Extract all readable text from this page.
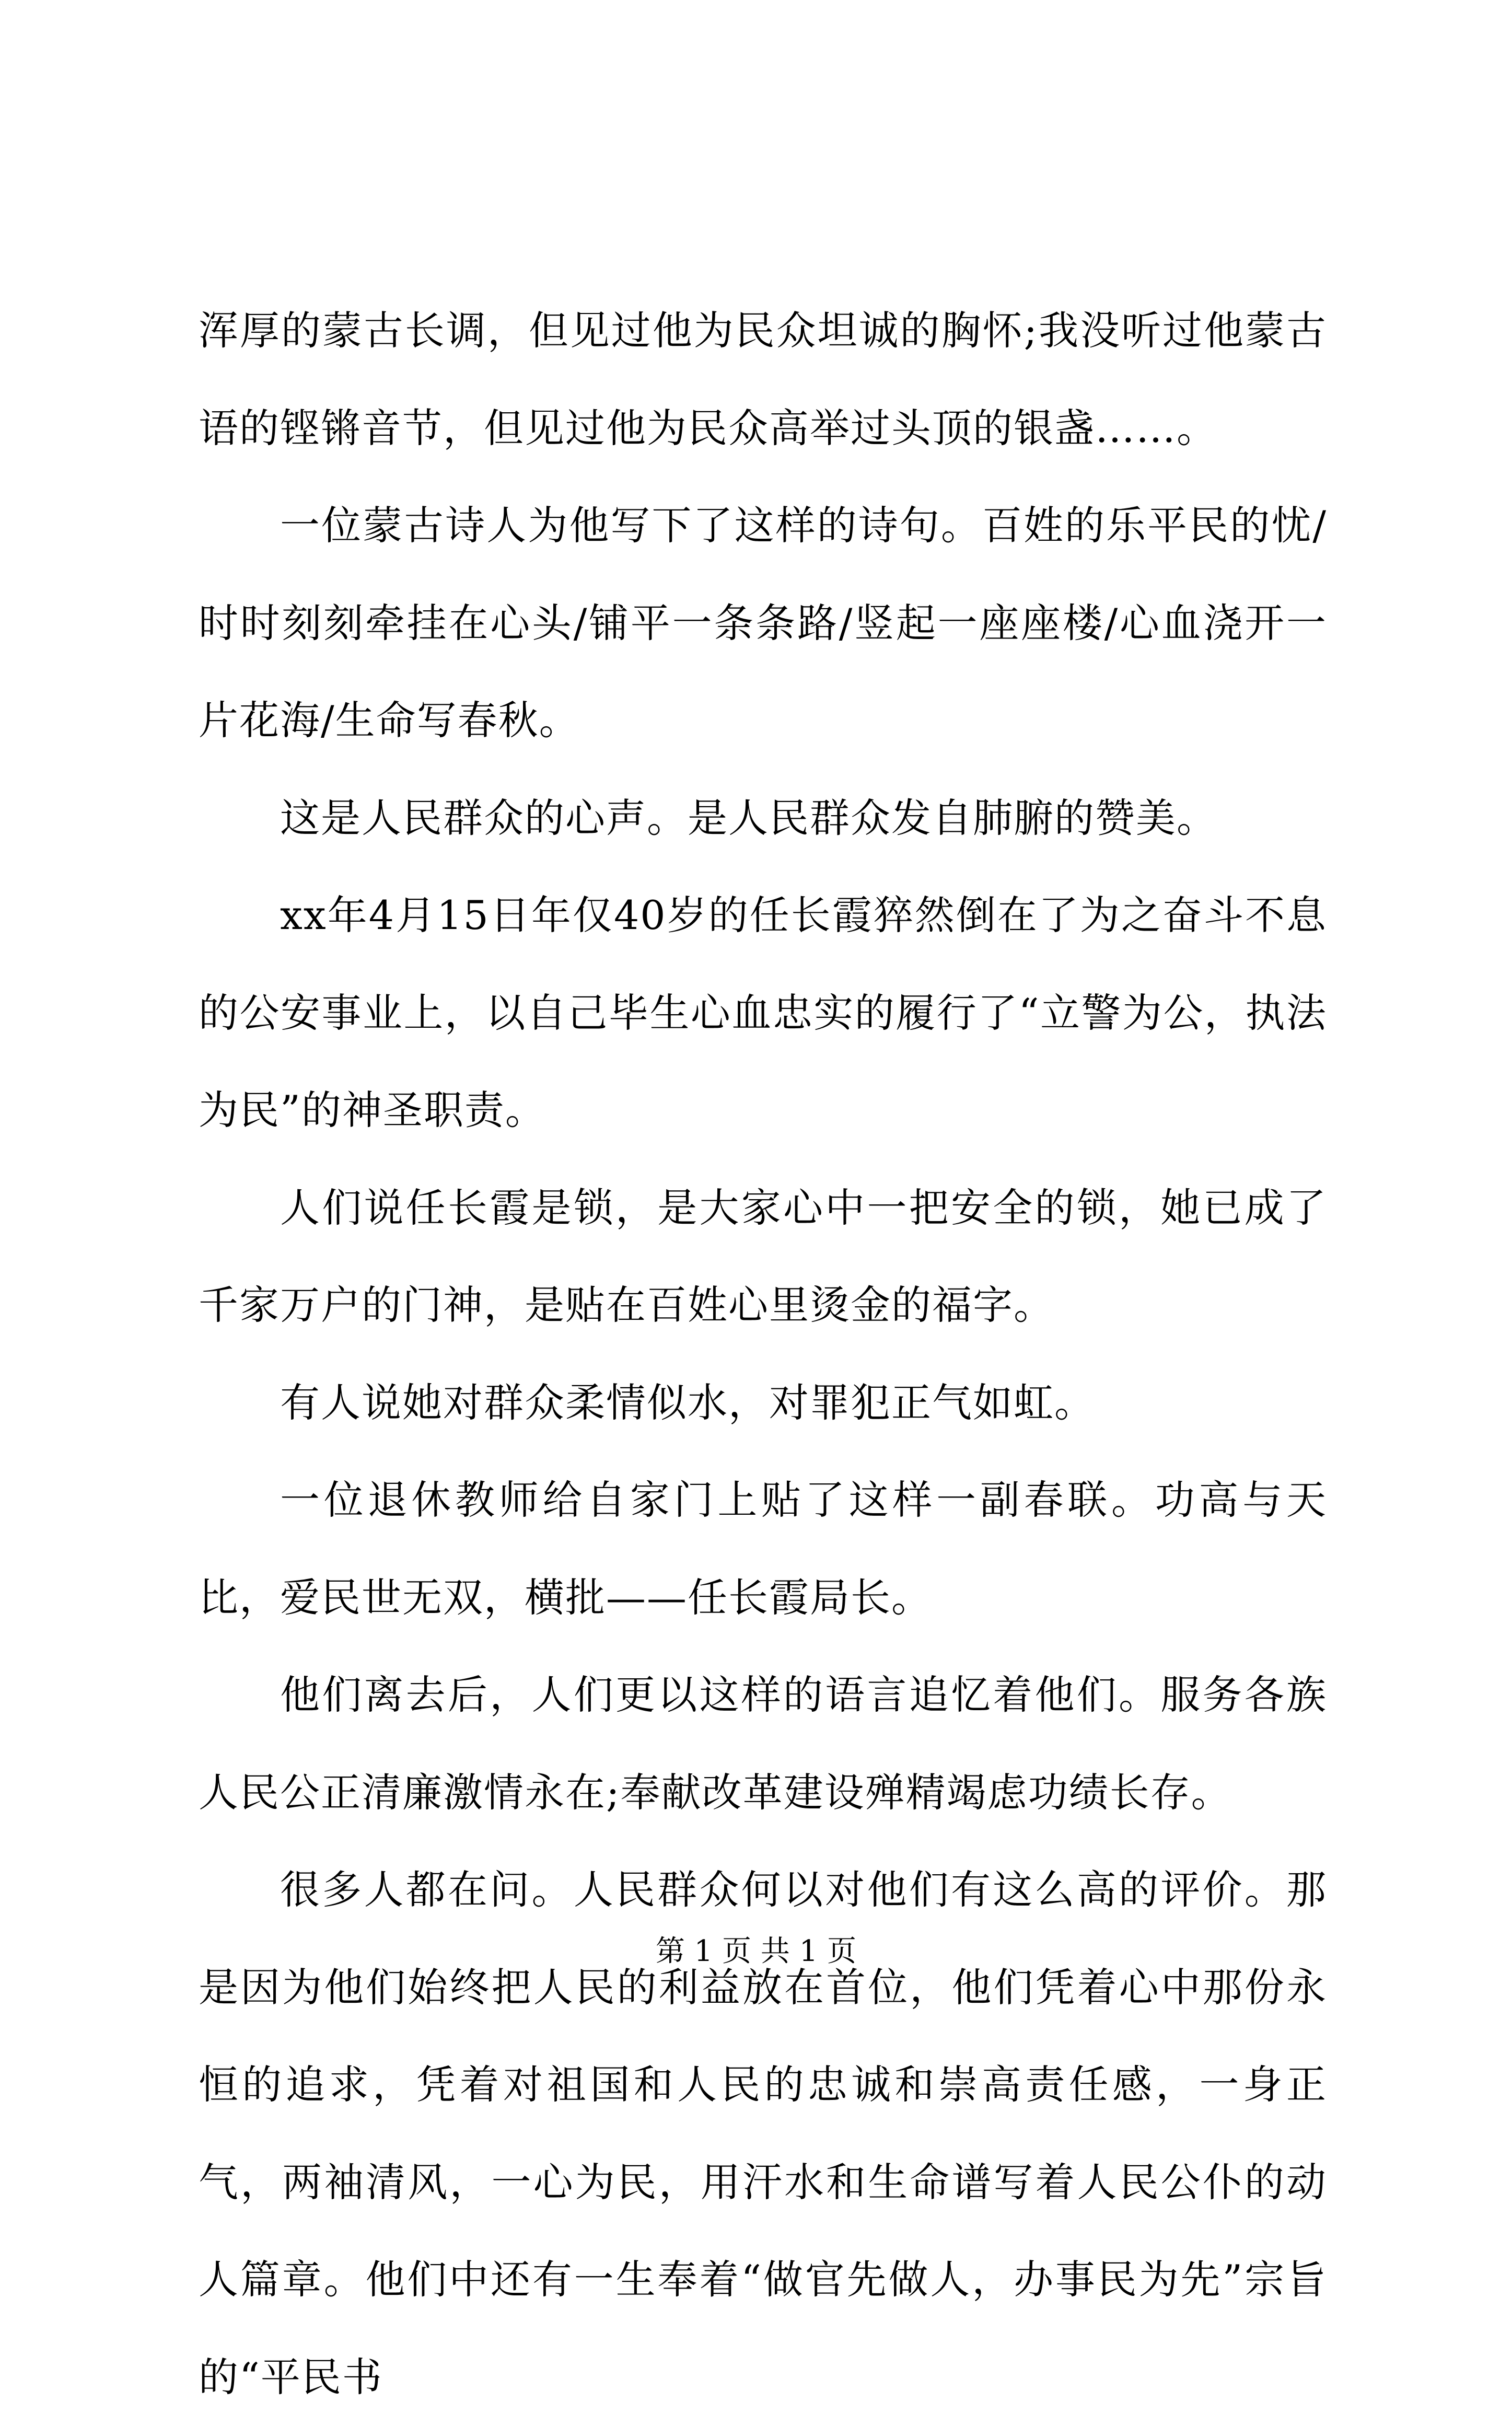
浑厚的蒙古长调，但见过他为民众坦诚的胸怀;我没听过他蒙古语的铿锵音节，但见过他为民众高举过头顶的银盏……。

一位蒙古诗人为他写下了这样的诗句。百姓的乐平民的忧/时时刻刻牵挂在心头/铺平一条条路/竖起一座座楼/心血浇开一片花海/生命写春秋。

这是人民群众的心声。是人民群众发自肺腑的赞美。

xx年4月15日年仅40岁的任长霞猝然倒在了为之奋斗不息的公安事业上，以自己毕生心血忠实的履行了“立警为公，执法为民”的神圣职责。

人们说任长霞是锁，是大家心中一把安全的锁，她已成了千家万户的门神，是贴在百姓心里烫金的福字。

有人说她对群众柔情似水，对罪犯正气如虹。

一位退休教师给自家门上贴了这样一副春联。功高与天比，爱民世无双，横批——任长霞局长。

他们离去后，人们更以这样的语言追忆着他们。服务各族人民公正清廉激情永在;奉献改革建设殚精竭虑功绩长存。

很多人都在问。人民群众何以对他们有这么高的评价。那是因为他们始终把人民的利益放在首位，他们凭着心中那份永恒的追求，凭着对祖国和人民的忠诚和崇高责任感，一身正气，两袖清风，一心为民，用汗水和生命谱写着人民公仆的动人篇章。他们中还有一生奉着“做官先做人，办事民为先”宗旨的“平民书

第 1 页 共 1 页
